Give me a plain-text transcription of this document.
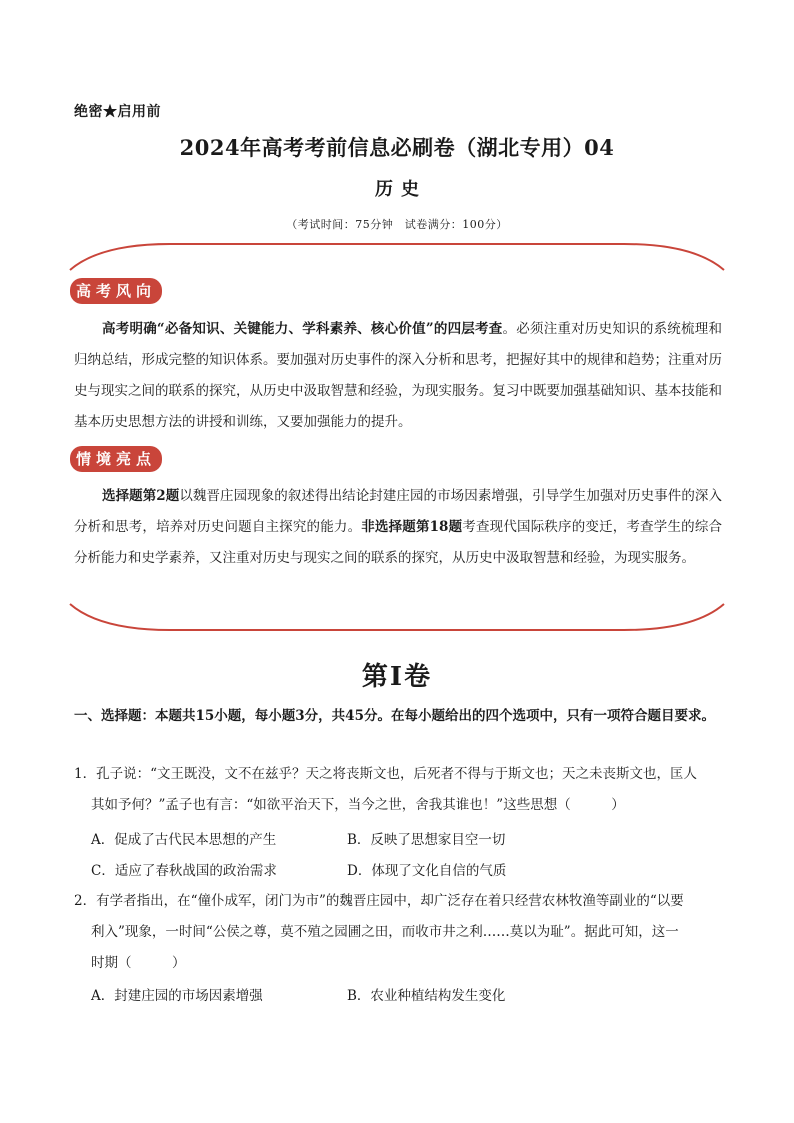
绝密★启用前
2024年高考考前信息必刷卷（湖北专用）04
历史
（考试时间：75分钟　试卷满分：100分）
高考风向
高考明确“必备知识、关键能力、学科素养、核心价值”的四层考查。必须注重对历史知识的系统梳理和归纳总结，形成完整的知识体系。要加强对历史事件的深入分析和思考，把握好其中的规律和趋势；注重对历史与现实之间的联系的探究，从历史中汲取智慧和经验，为现实服务。复习中既要加强基础知识、基本技能和基本历史思想方法的讲授和训练，又要加强能力的提升。
情境亮点
选择题第2题以魏晋庄园现象的叙述得出结论封建庄园的市场因素增强，引导学生加强对历史事件的深入分析和思考，培养对历史问题自主探究的能力。非选择题第18题考查现代国际秩序的变迁，考查学生的综合分析能力和史学素养，又注重对历史与现实之间的联系的探究，从历史中汲取智慧和经验，为现实服务。
第Ⅰ卷
一、选择题：本题共15小题，每小题3分，共45分。在每小题给出的四个选项中，只有一项符合题目要求。
1．孔子说：“文王既没，文不在兹乎？天之将丧斯文也，后死者不得与于斯文也；天之未丧斯文也，匡人
其如予何？”孟子也有言：“如欲平治天下，当今之世，舍我其谁也！”这些思想（　　　）
A．促成了古代民本思想的产生	B．反映了思想家目空一切
C．适应了春秋战国的政治需求	D．体现了文化自信的气质
2．有学者指出，在“僮仆成军，闭门为市”的魏晋庄园中，却广泛存在着只经营农林牧渔等副业的“以要
利入”现象，一时间“公侯之尊，莫不殖之园圃之田，而收市井之利……莫以为耻”。据此可知，这一
时期（　　　）
A．封建庄园的市场因素增强	B．农业种植结构发生变化
